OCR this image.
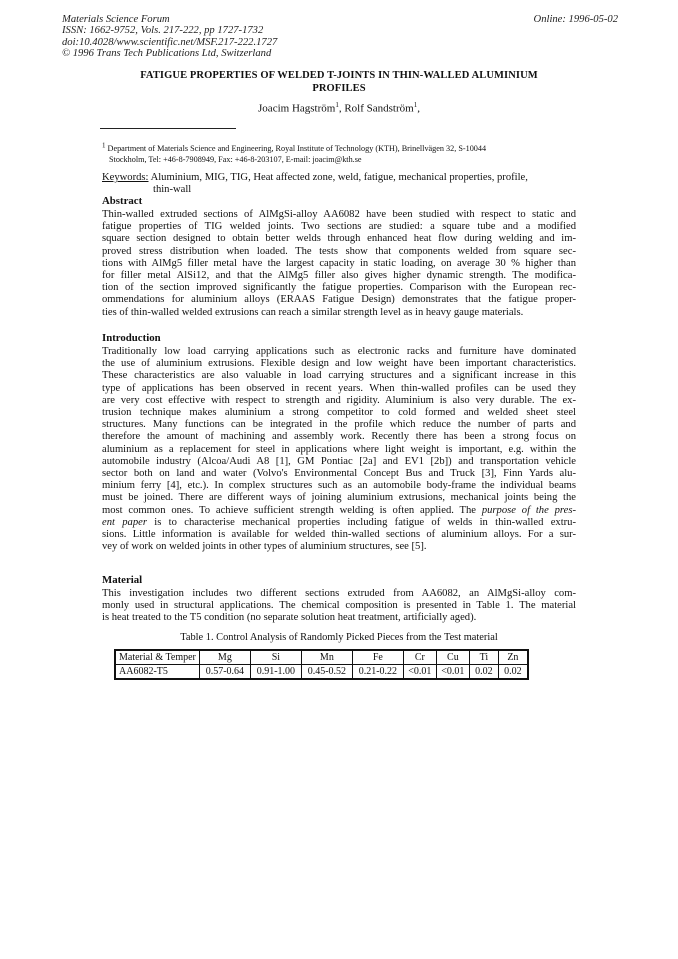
Materials Science Forum
ISSN: 1662-9752, Vols. 217-222, pp 1727-1732
doi:10.4028/www.scientific.net/MSF.217-222.1727
© 1996 Trans Tech Publications Ltd, Switzerland
Online: 1996-05-02
FATIGUE PROPERTIES OF WELDED T-JOINTS IN THIN-WALLED ALUMINIUM
PROFILES
Joacim Hagström$^1$, Rolf Sandström$^1$,
$^1$ Department of Materials Science and Engineering, Royal Institute of Technology (KTH), Brinellvägen 32, S-10044
Stockholm, Tel: +46-8-7908949, Fax: +46-8-203107, E-mail: joacim@kth.se
Keywords: Aluminium, MIG, TIG, Heat affected zone, weld, fatigue, mechanical properties, profile,
thin-wall
Abstract
Thin-walled extruded sections of AlMgSi-alloy AA6082 have been studied with respect to static and
fatigue properties of TIG welded joints. Two sections are studied: a square tube and a modified
square section designed to obtain better welds through enhanced heat flow during welding and im-
proved stress distribution when loaded. The tests show that components welded from square sec-
tions with AlMg5 filler metal have the largest capacity in static loading, on average 30 % higher than
for filler metal AlSi12, and that the AlMg5 filler also gives higher dynamic strength. The modifica-
tion of the section improved significantly the fatigue properties. Comparison with the European rec-
ommendations for aluminium alloys (ERAAS Fatigue Design) demonstrates that the fatigue proper-
ties of thin-walled welded extrusions can reach a similar strength level as in heavy gauge materials.
Introduction
Traditionally low load carrying applications such as electronic racks and furniture have dominated
the use of aluminium extrusions. Flexible design and low weight have been important characteristics.
These characteristics are also valuable in load carrying structures and a significant increase in this
type of applications has been observed in recent years. When thin-walled profiles can be used they
are very cost effective with respect to strength and rigidity. Aluminium is also very durable. The ex-
trusion technique makes aluminium a strong competitor to cold formed and welded sheet steel
structures. Many functions can be integrated in the profile which reduce the number of parts and
therefore the amount of machining and assembly work. Recently there has been a strong focus on
aluminium as a replacement for steel in applications where light weight is important, e.g. within the
automobile industry (Alcoa/Audi A8 [1], GM Pontiac [2a] and EV1 [2b]) and transportation vehicle
sector both on land and water (Volvo's Environmental Concept Bus and Truck [3], Finn Yards alu-
minium ferry [4], etc.). In complex structures such as an automobile body-frame the individual beams
must be joined. There are different ways of joining aluminium extrusions, mechanical joints being the
most common ones. To achieve sufficient strength welding is often applied. The purpose of the pres-
ent paper is to characterise mechanical properties including fatigue of welds in thin-walled extru-
sions. Little information is available for welded thin-walled sections of aluminium alloys. For a sur-
vey of work on welded joints in other types of aluminium structures, see [5].
Material
This investigation includes two different sections extruded from AA6082, an AlMgSi-alloy com-
monly used in structural applications. The chemical composition is presented in Table 1. The material
is heat treated to the T5 condition (no separate solution heat treatment, artificially aged).
Table 1. Control Analysis of Randomly Picked Pieces from the Test material
Material & Temper	Mg	Si	Mn	Fe	Cr	Cu	Ti	Zn
AA6082-T5	0.57-0.64	0.91-1.00	0.45-0.52	0.21-0.22	<0.01	<0.01	0.02	0.02
